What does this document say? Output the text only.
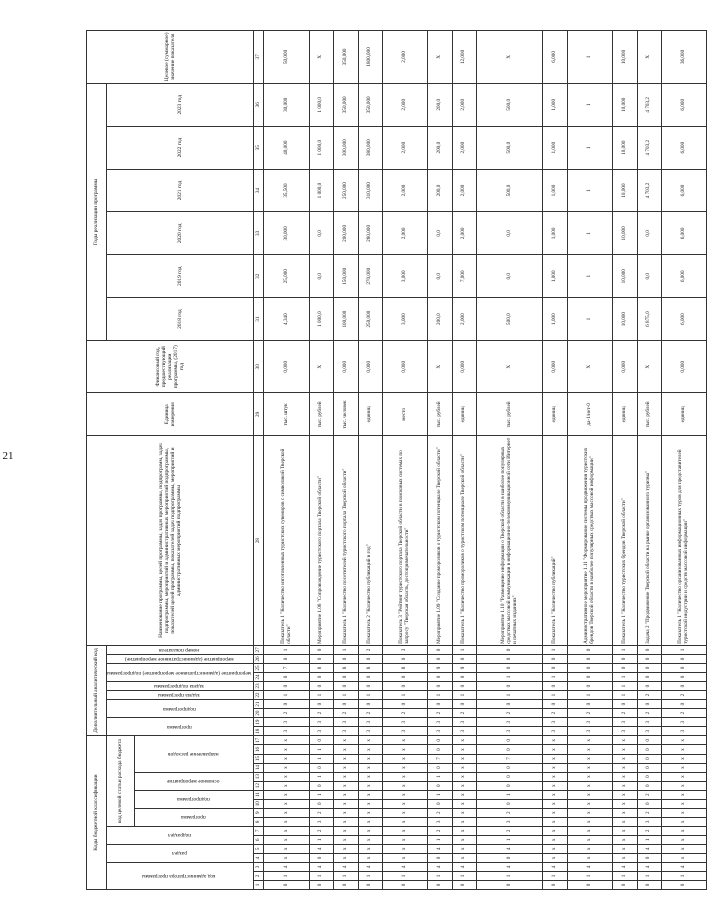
21
Коды бюджетной классификации																	Дополнительный аналитический код										Наименование программы, целей программы, задач программы, подпрограмм, задач подпрограммы, мероприятий и административных мероприятий подпрограммы, показателей целей программы, показателей задач подпрограммы, мероприятий и административных мероприятий подпрограммы	Единица измерения	Финансовый год, предшествующий реализации программы, (2017) год	Годы реализации программы						Целевое (суммарное) значение показателя
код администратора программы			раздел		подраздел		код целевой статьи расхода бюджета										программа		подпрограмма		задача программы	задача подпрограммы	мероприятие (административное мероприятие) подпрограммы		мероприятие (административное мероприятие)	номер показателя				2018 год	2019 год	2020 год	2021 год	2022 год	2023 год	
							программа		подпрограмма		основное мероприятие		направление расходов																							
1	2	3	4	5	6	7	8	9	10	11	12	13	14	15	16	17	18	19	20	21	22	23	24	25	26	27	28	29	30	31	32	33	34	35	36	37
0	1	4	х	х	х	х	х	х	х	х	х	х	х	х	х	х	3	3	2	0	1	0	0	7	0	1	Показатель 1 "Количество изготовленных туристских сувениров с символикой Тверской области"	тыс. штук	0,000	4,340	25,000	30,000	35,500	40,000	30,000	50,000
0	1	4	0	4	1	2	3	2	0	1	0	1	0	1	1	0	3	3	2	0	1	0	0	8	0	0	Мероприятие 1.08 "Сопровождение туристского портала Тверской области"	тыс. рублей	Х	1 000,0	0,0	0,0	1 000,0	1 000,0	1 000,0	Х
0	1	4	х	х	х	х	х	х	х	х	х	х	х	х	х	х	3	3	2	0	1	0	0	8	0	1	Показатель 1 "Количество посетителей туристского портала Тверской области"	тыс. человек	0,000	100,000	150,000	200,000	250,000	300,000	350,000	350,000
0	1	4	х	х	х	х	х	х	х	х	х	х	х	х	х	х	3	3	2	0	1	0	0	8	0	2	Показатель 2 "Количество публикаций в год"	единиц	0,000	250,000	270,000	280,000	310,000	380,000	350,000	1800,000
0	1	4	х	х	х	х	х	х	х	х	х	х	х	х	х	х	3	3	2	0	1	0	0	8	0	3	Показатель 3 "Рейтинг туристского портала Тверской области в поисковых системах по запросу "Тверская область, достопримечательности"	место	0,000	3,000	3,000	2,000	2,000	2,000	2,000	2,000
0	1	4	0	4	1	2	3	2	0	1	0	1	0	7	0	0	3	3	2	0	1	0	0	9	0	0	Мероприятие 1.09 "Создание промороликов о туристском потенциале Тверской области"	тыс. рублей	Х	200,0	0,0	0,0	200,0	200,0	200,0	Х
0	1	4	х	х	х	х	х	х	х	х	х	х	х	х	х	х	3	3	2	0	1	0	0	9	0	1	Показатель 1 "Количество промороликов о туристском потенциале Тверской области"	единиц	0,000	2,000	7,000	2,000	2,000	2,000	2,000	12,000
0	1	4	0	4	1	2	3	2	0	1	0	0	0	7	0	0	3	3	2	0	1	0	1	0	0	0	Мероприятие 1.10 "Размещение информации о Тверской области в наиболее популярных средствах массовой коммуникации в информационно-телекоммуникационной сети Интернет и печатных изданиях"	тыс. рублей	Х	500,0	0,0	0,0	500,0	500,0	500,0	Х
0	1	4	х	х	х	х	х	х	х	х	х	х	х	х	х	х	3	3	2	0	1	0	1	0	0	1	Показатель 1 "Количество публикаций"	единиц	0,000	1,000	1,000	1,000	1,000	1,000	1,000	6,000
0	1	4	х	х	х	х	х	х	х	х	х	х	х	х	х	х	3	3	2	0	1	0	0	0	0	0	Административное мероприятие 1.11 "Формирование системы продвижения туристских брендов Тверской области в наиболее популярных средствах массовой информации"	да-1/нет-0	Х	1	1	1	1	1	1	1
0	1	4	х	х	х	х	х	х	х	х	х	х	х	х	х	х	3	3	2	0	1	1	1	0	0	1	Показатель 1 "Количество туристских брендов Тверской области"	единиц	0,000	10,000	10,000	10,000	10,000	10,000	10,000	10,000
0	1	4	0	4	1	2	3	2	0	2	0	0	0	0	0	0	3	3	2	0	2	0	0	0	0	0	Задача 2 "Продвижение Тверской области на рынке организованного туризма"	тыс. рублей	Х	6 875,0	0,0	0,0	4 703,2	4 703,2	4 703,2	Х
0	1	4	х	х	х	х	х	х	х	х	х	х	х	х	х	х	3	3	2	0	2	0	0	0	0	1	Показатель 1 "Количество организованных информационных туров для представителей туристской индустрии и средств массовой информации"	единиц	0,000	6,000	6,000	6,000	6,000	6,000	6,000	36,000
